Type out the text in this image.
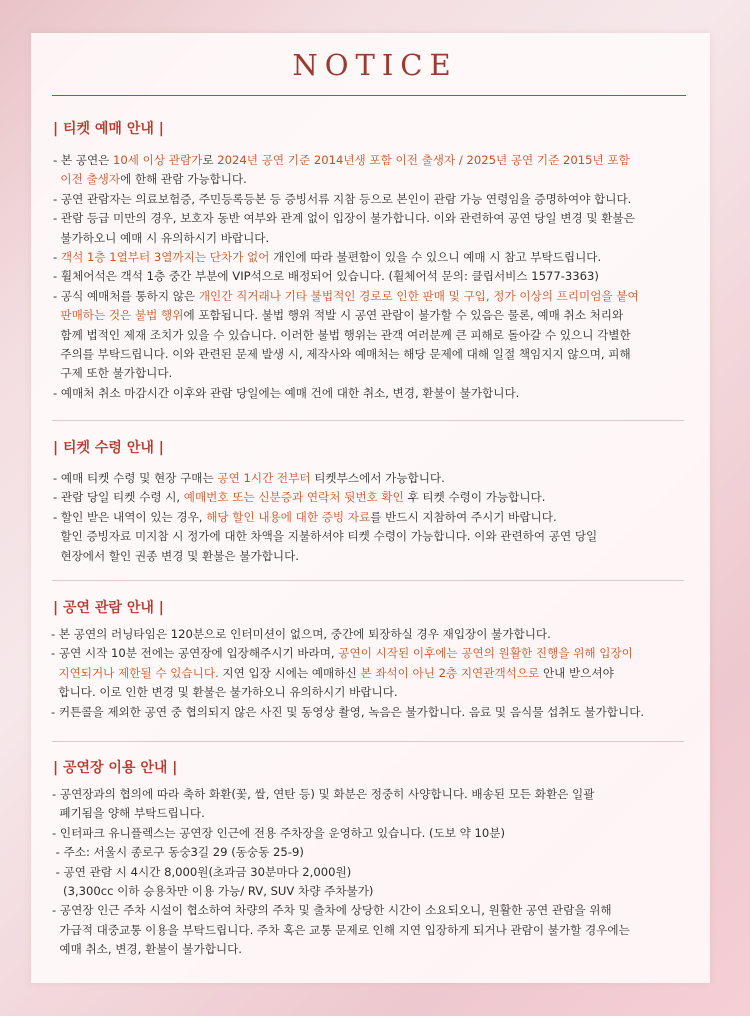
NOTICE
| 티켓 예매 안내 |
- 본 공연은 10세 이상 관람가로 2024년 공연 기준 2014년생 포함 이전 출생자 / 2025년 공연 기준 2015년 포함
이전 출생자에 한해 관람 가능합니다.
- 공연 관람자는 의료보험증, 주민등록등본 등 증빙서류 지참 등으로 본인이 관람 가능 연령임을 증명하여야 합니다.
- 관람 등급 미만의 경우, 보호자 동반 여부와 관계 없이 입장이 불가합니다. 이와 관련하여 공연 당일 변경 및 환불은
불가하오니 예매 시 유의하시기 바랍니다.
- 객석 1층 1열부터 3열까지는 단차가 없어 개인에 따라 불편함이 있을 수 있으니 예매 시 참고 부탁드립니다.
- 휠체어석은 객석 1층 중간 부분에 VIP석으로 배정되어 있습니다. (휠체어석 문의: 클립서비스 1577-3363)
- 공식 예매처를 통하지 않은 개인간 직거래나 기타 불법적인 경로로 인한 판매 및 구입, 정가 이상의 프리미엄을 붙여
판매하는 것은 불법 행위에 포함됩니다. 불법 행위 적발 시 공연 관람이 불가할 수 있음은 물론, 예매 취소 처리와
함께 법적인 제재 조치가 있을 수 있습니다. 이러한 불법 행위는 관객 여러분께 큰 피해로 돌아갈 수 있으니 각별한
주의를 부탁드립니다. 이와 관련된 문제 발생 시, 제작사와 예매처는 해당 문제에 대해 일절 책임지지 않으며, 피해
구제 또한 불가합니다.
- 예매처 취소 마감시간 이후와 관람 당일에는 예매 건에 대한 취소, 변경, 환불이 불가합니다.
| 티켓 수령 안내 |
- 예매 티켓 수령 및 현장 구매는 공연 1시간 전부터 티켓부스에서 가능합니다.
- 관람 당일 티켓 수령 시, 예매번호 또는 신분증과 연락처 뒷번호 확인 후 티켓 수령이 가능합니다.
- 할인 받은 내역이 있는 경우, 해당 할인 내용에 대한 증빙 자료를 반드시 지참하여 주시기 바랍니다.
할인 증빙자료 미지참 시 정가에 대한 차액을 지불하셔야 티켓 수령이 가능합니다. 이와 관련하여 공연 당일
현장에서 할인 권종 변경 및 환불은 불가합니다.
| 공연 관람 안내 |
- 본 공연의 러닝타임은 120분으로 인터미션이 없으며, 중간에 퇴장하실 경우 재입장이 불가합니다.
- 공연 시작 10분 전에는 공연장에 입장해주시기 바라며, 공연이 시작된 이후에는 공연의 원활한 진행을 위해 입장이
지연되거나 제한될 수 있습니다. 지연 입장 시에는 예매하신 본 좌석이 아닌 2층 지연관객석으로 안내 받으셔야
합니다. 이로 인한 변경 및 환불은 불가하오니 유의하시기 바랍니다.
- 커튼콜을 제외한 공연 중 협의되지 않은 사진 및 동영상 촬영, 녹음은 불가합니다. 음료 및 음식물 섭취도 불가합니다.
| 공연장 이용 안내 |
- 공연장과의 협의에 따라 축하 화환(꽃, 쌀, 연탄 등) 및 화분은 정중히 사양합니다. 배송된 모든 화환은 일괄
폐기됨을 양해 부탁드립니다.
- 인터파크 유니플렉스는 공연장 인근에 전용 주차장을 운영하고 있습니다. (도보 약 10분)
- 주소: 서울시 종로구 동숭3길 29 (동숭동 25-9)
- 공연 관람 시 4시간 8,000원(초과금 30분마다 2,000원)
(3,300cc 이하 승용차만 이용 가능/ RV, SUV 차량 주차불가)
- 공연장 인근 주차 시설이 협소하여 차량의 주차 및 출차에 상당한 시간이 소요되오니, 원활한 공연 관람을 위해
가급적 대중교통 이용을 부탁드립니다. 주차 혹은 교통 문제로 인해 지연 입장하게 되거나 관람이 불가할 경우에는
예매 취소, 변경, 환불이 불가합니다.
